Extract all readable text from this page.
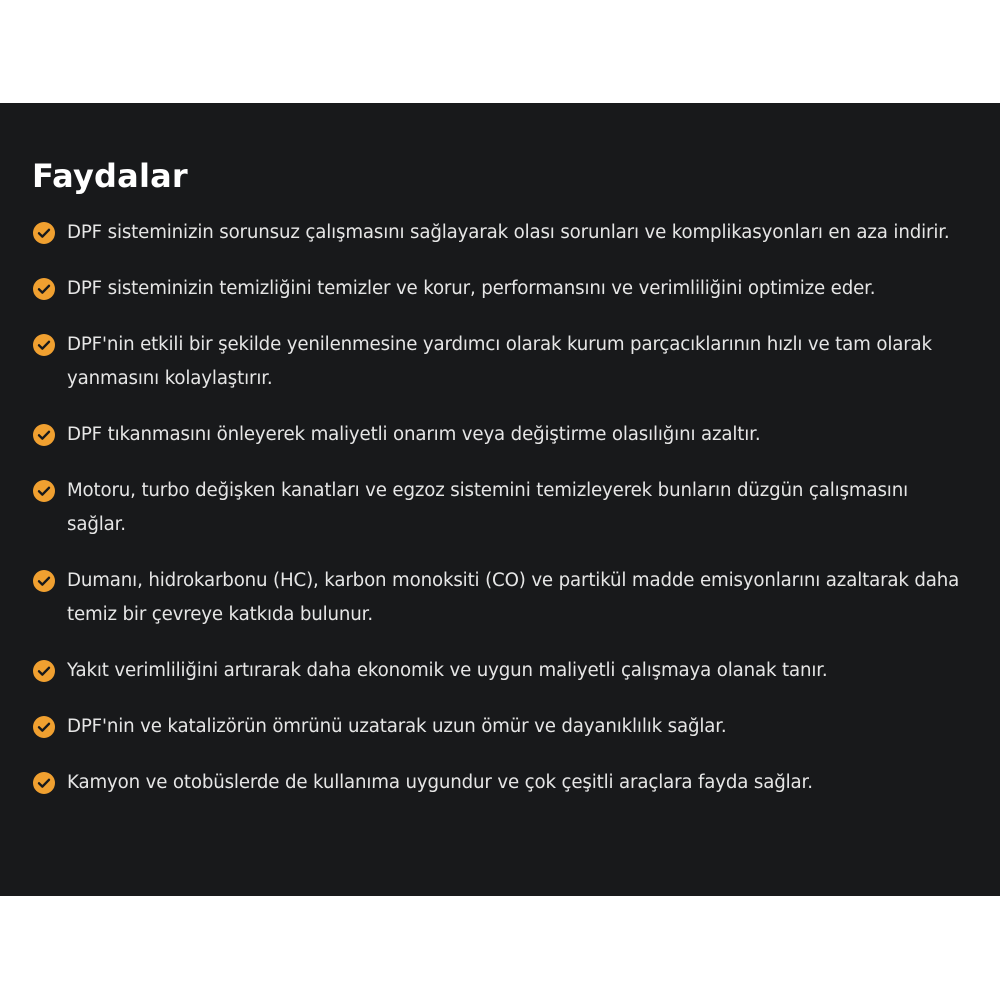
Faydalar
DPF sisteminizin sorunsuz çalışmasını sağlayarak olası sorunları ve komplikasyonları en aza indirir.
DPF sisteminizin temizliğini temizler ve korur, performansını ve verimliliğini optimize eder.
DPF'nin etkili bir şekilde yenilenmesine yardımcı olarak kurum parçacıklarının hızlı ve tam olarak yanmasını kolaylaştırır.
DPF tıkanmasını önleyerek maliyetli onarım veya değiştirme olasılığını azaltır.
Motoru, turbo değişken kanatları ve egzoz sistemini temizleyerek bunların düzgün çalışmasını sağlar.
Dumanı, hidrokarbonu (HC), karbon monoksiti (CO) ve partikül madde emisyonlarını azaltarak daha temiz bir çevreye katkıda bulunur.
Yakıt verimliliğini artırarak daha ekonomik ve uygun maliyetli çalışmaya olanak tanır.
DPF'nin ve katalizörün ömrünü uzatarak uzun ömür ve dayanıklılık sağlar.
Kamyon ve otobüslerde de kullanıma uygundur ve çok çeşitli araçlara fayda sağlar.
